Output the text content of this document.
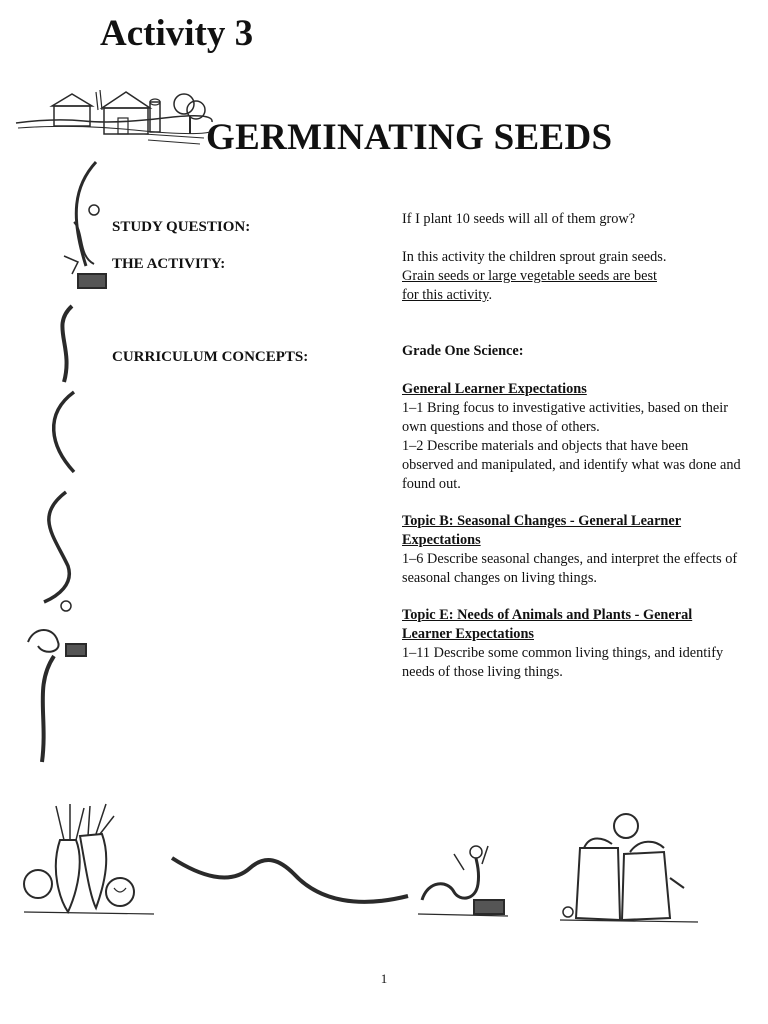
Activity 3
GERMINATING SEEDS
STUDY QUESTION:
THE ACTIVITY:
CURRICULUM CONCEPTS:
If I plant 10 seeds will all of them grow?
In this activity the children sprout grain seeds.
Grain seeds or large vegetable seeds are best
for this activity.
Grade One Science:
General Learner Expectations
1–1 Bring focus to investigative activities, based on their own questions and those of others.
1–2 Describe materials and objects that have been observed and manipulated, and identify what was done and found out.
Topic B: Seasonal Changes - General Learner Expectations
1–6 Describe seasonal changes, and interpret the effects of seasonal changes on living things.
Topic E: Needs of Animals and Plants - General Learner Expectations
1–11 Describe some common living things, and identify needs of those living things.
1
